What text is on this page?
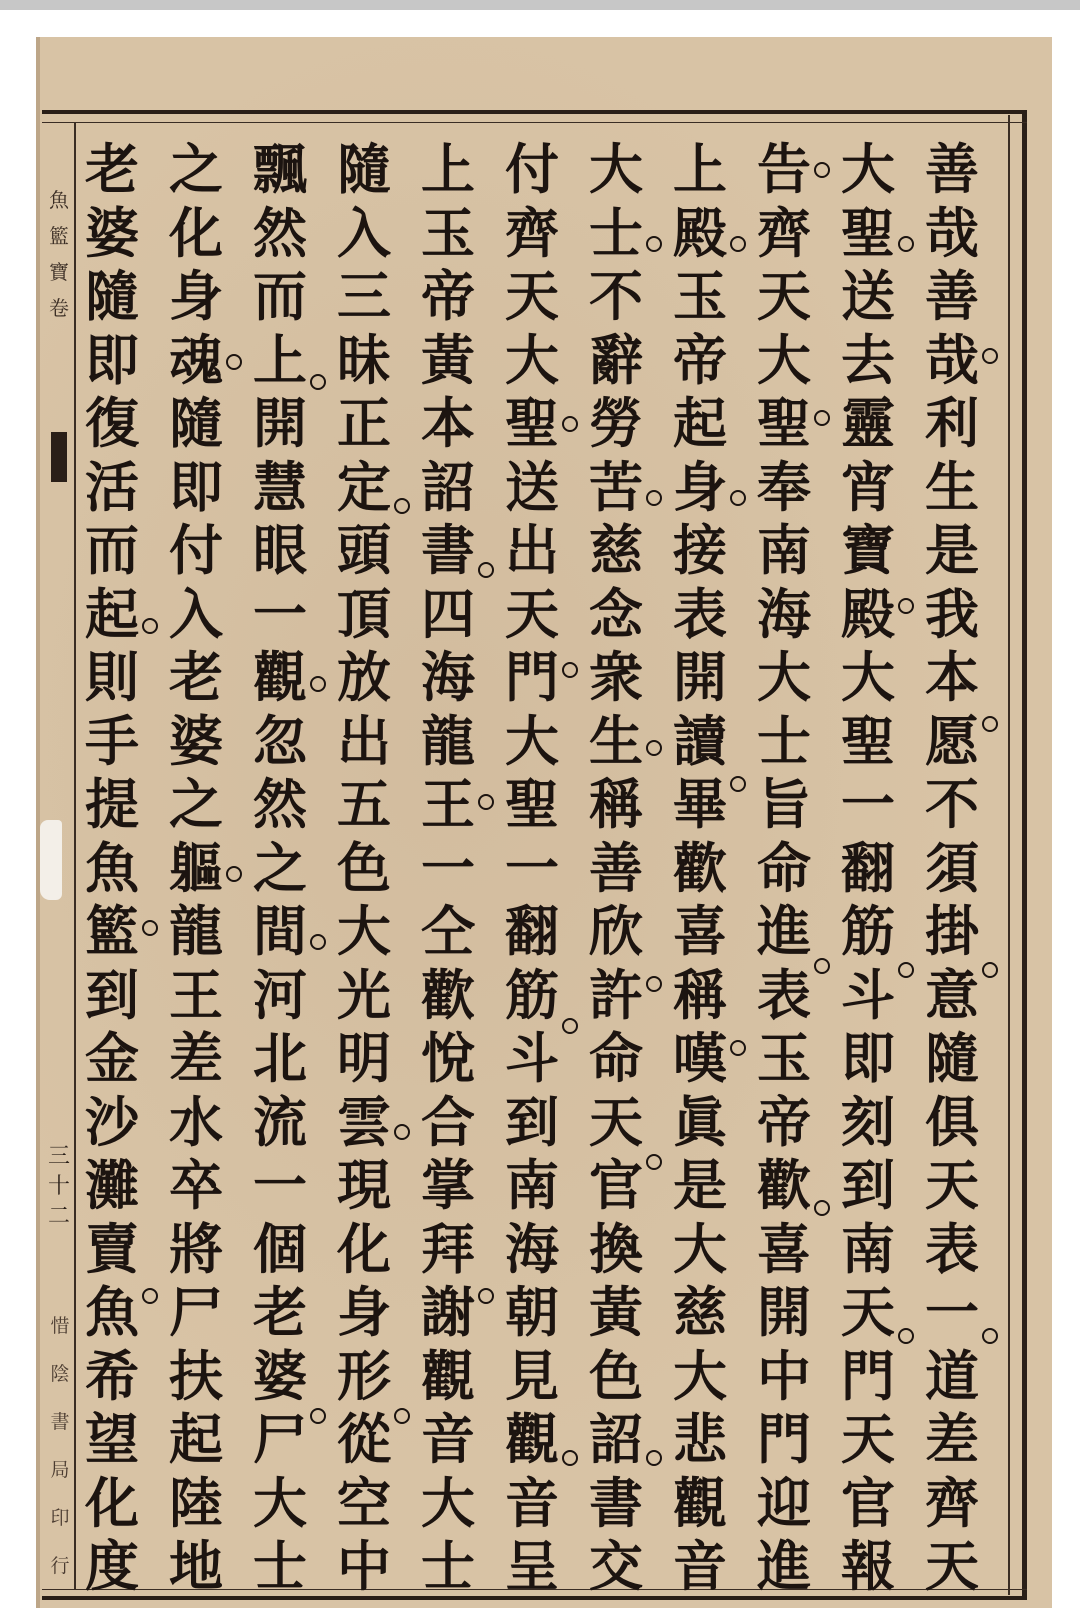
魚籃寶卷
三十二
惜 陰 書 局 印 行
善哉善哉利生是我本愿不須掛意隨俱天表一道差齊天
大聖送去靈宵寶殿大聖一翻筋斗即刻到南天門天官報
告齊天大聖奉南海大士旨命進表玉帝歡喜開中門迎進
上殿玉帝起身接表開讀畢歡喜稱嘆眞是大慈大悲觀音
大士不辭勞苦慈念衆生稱善欣許命天官換黃色詔書交
付齊天大聖送出天門大聖一翻筋斗到南海朝見觀音呈
上玉帝黃本詔書四海龍王一仝歡悅合掌拜謝觀音大士
隨入三昧正定頭頂放出五色大光明雲現化身形從空中
飄然而上開慧眼一觀忽然之間河北流一個老婆尸大士
之化身魂隨即付入老婆之軀龍王差水卒將尸扶起陸地
老婆隨即復活而起則手提魚籃到金沙灘賣魚希望化度
